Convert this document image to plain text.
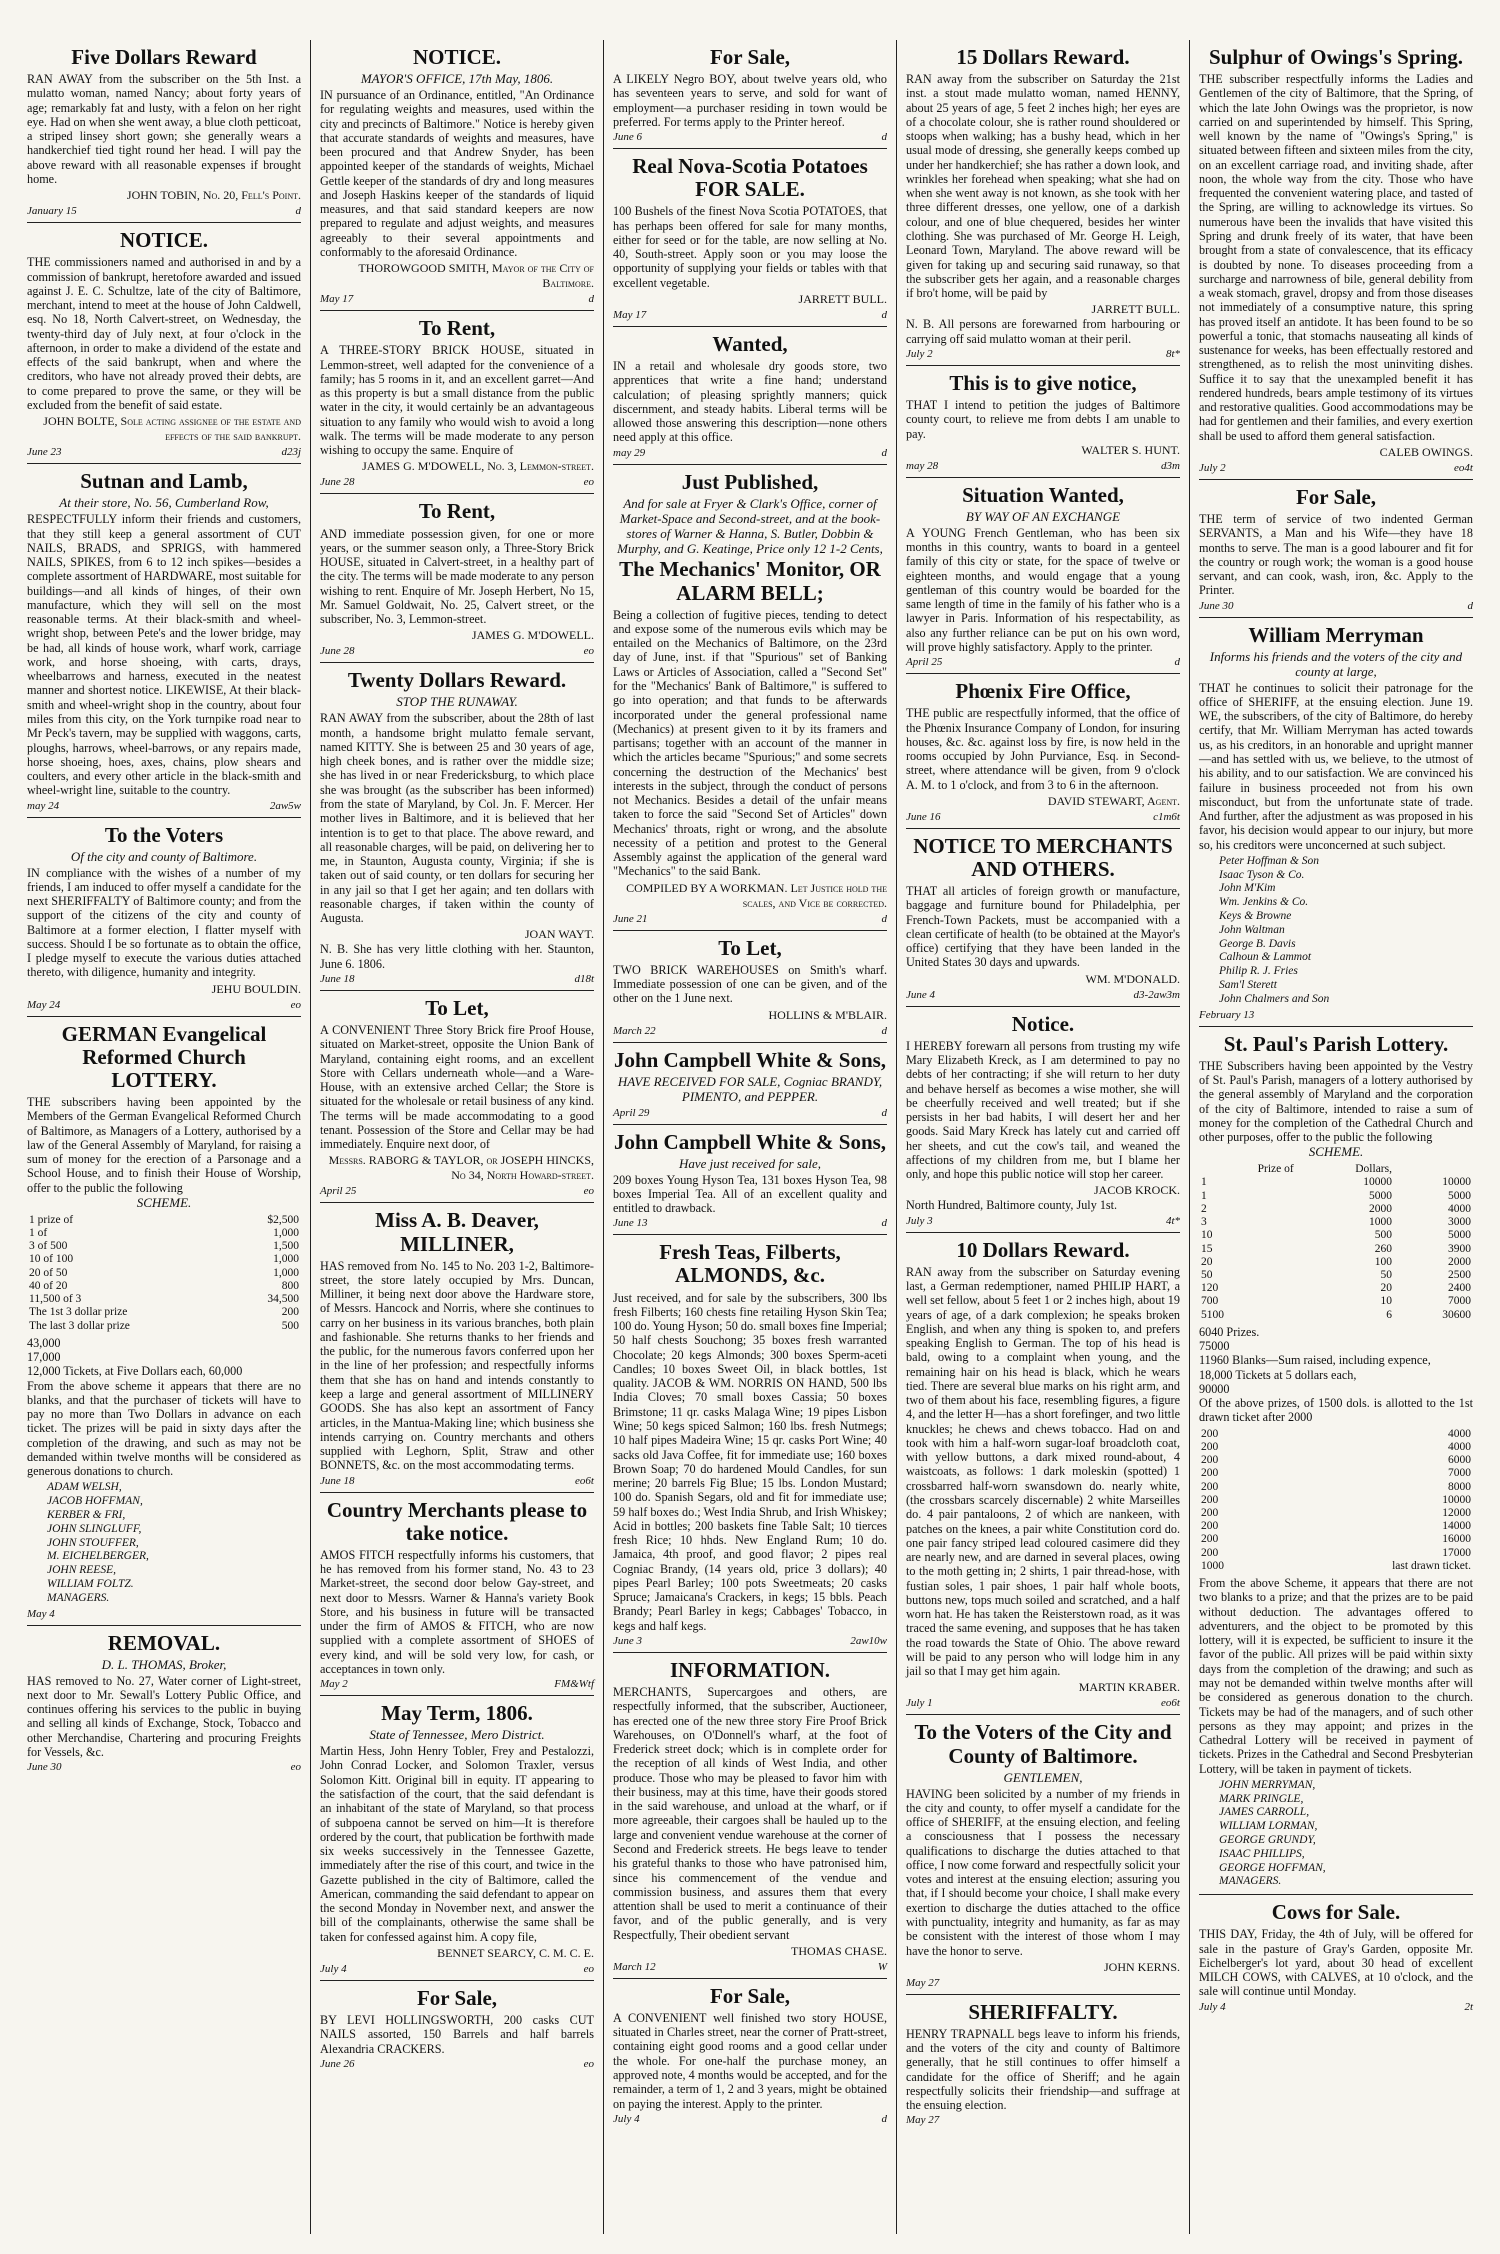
Five Dollars Reward

RAN AWAY from the subscriber on the 5th Inst. a mulatto woman, named Nancy; about forty years of age; remarkably fat and lusty, with a felon on her right eye. Had on when she went away, a blue cloth petticoat, a striped linsey short gown; she generally wears a handkerchief tied tight round her head. I will pay the above reward with all reasonable expenses if brought home.

JOHN TOBIN, No. 20, Fell's Point.

January 15	d
NOTICE.

THE commissioners named and authorised in and by a commission of bankrupt, heretofore awarded and issued against J. E. C. Schultze, late of the city of Baltimore, merchant, intend to meet at the house of John Caldwell, esq. No 18, North Calvert-street, on Wednesday, the twenty-third day of July next, at four o'clock in the afternoon, in order to make a dividend of the estate and effects of the said bankrupt, when and where the creditors, who have not already proved their debts, are to come prepared to prove the same, or they will be excluded from the benefit of said estate.

JOHN BOLTE, Sole acting assignee of the estate and effects of the said bankrupt.

June 23	d23j
Sutnan and Lamb,
At their store, No. 56, Cumberland Row,

RESPECTFULLY inform their friends and customers, that they still keep a general assortment of CUT NAILS, BRADS, and SPRIGS, with hammered NAILS, SPIKES, from 6 to 12 inch spikes—besides a complete assortment of HARDWARE, most suitable for buildings—and all kinds of hinges, of their own manufacture, which they will sell on the most reasonable terms. At their black-smith and wheel-wright shop, between Pete's and the lower bridge, may be had, all kinds of house work, wharf work, carriage work, and horse shoeing, with carts, drays, wheelbarrows and harness, executed in the neatest manner and shortest notice. LIKEWISE, At their black-smith and wheel-wright shop in the country, about four miles from this city, on the York turnpike road near to Mr Peck's tavern, may be supplied with waggons, carts, ploughs, harrows, wheel-barrows, or any repairs made, horse shoeing, hoes, axes, chains, plow shears and coulters, and every other article in the black-smith and wheel-wright line, suitable to the country.

may 24	2aw5w
To the Voters
Of the city and county of Baltimore.

IN compliance with the wishes of a number of my friends, I am induced to offer myself a candidate for the next SHERIFFALTY of Baltimore county; and from the support of the citizens of the city and county of Baltimore at a former election, I flatter myself with success. Should I be so fortunate as to obtain the office, I pledge myself to execute the various duties attached thereto, with diligence, humanity and integrity.

JEHU BOULDIN.

May 24	eo
GERMAN Evangelical Reformed Church LOTTERY.

THE subscribers having been appointed by the Members of the German Evangelical Reformed Church of Baltimore, as Managers of a Lottery, authorised by a law of the General Assembly of Maryland, for raising a sum of money for the erection of a Parsonage and a School House, and to finish their House of Worship, offer to the public the following

SCHEME.
1 prize of	$2,500
1 of	1,000
3 of 500	1,500
10 of 100	1,000
20 of 50	1,000
40 of 20	800
11,500 of 3	34,500
The 1st 3 dollar prize	200
The last 3 dollar prize	500

43,000

17,000

12,000 Tickets, at Five Dollars each, 60,000

From the above scheme it appears that there are no blanks, and that the purchaser of tickets will have to pay no more than Two Dollars in advance on each ticket. The prizes will be paid in sixty days after the completion of the drawing, and such as may not be demanded within twelve months will be considered as generous donations to church.

ADAM WELSH,
JACOB HOFFMAN,
KERBER & FRI,
JOHN SLINGLUFF,
JOHN STOUFFER,
M. EICHELBERGER,
JOHN REESE,
WILLIAM FOLTZ.
MANAGERS.
May 4
REMOVAL.
D. L. THOMAS, Broker,

HAS removed to No. 27, Water corner of Light-street, next door to Mr. Sewall's Lottery Public Office, and continues offering his services to the public in buying and selling all kinds of Exchange, Stock, Tobacco and other Merchandise, Chartering and procuring Freights for Vessels, &c.

June 30	eo
NOTICE.
MAYOR'S OFFICE, 17th May, 1806.

IN pursuance of an Ordinance, entitled, "An Ordinance for regulating weights and measures, used within the city and precincts of Baltimore." Notice is hereby given that accurate standards of weights and measures, have been procured and that Andrew Snyder, has been appointed keeper of the standards of weights, Michael Gettle keeper of the standards of dry and long measures and Joseph Haskins keeper of the standards of liquid measures, and that said standard keepers are now prepared to regulate and adjust weights, and measures agreeably to their several appointments and conformably to the aforesaid Ordinance.

THOROWGOOD SMITH, Mayor of the City of Baltimore.

May 17	d
To Rent,

A THREE-STORY BRICK HOUSE, situated in Lemmon-street, well adapted for the convenience of a family; has 5 rooms in it, and an excellent garret—And as this property is but a small distance from the public water in the city, it would certainly be an advantageous situation to any family who would wish to avoid a long walk. The terms will be made moderate to any person wishing to occupy the same. Enquire of

JAMES G. M'DOWELL, No. 3, Lemmon-street.

June 28	eo
To Rent,

AND immediate possession given, for one or more years, or the summer season only, a Three-Story Brick HOUSE, situated in Calvert-street, in a healthy part of the city. The terms will be made moderate to any person wishing to rent. Enquire of Mr. Joseph Herbert, No 15, Mr. Samuel Goldwait, No. 25, Calvert street, or the subscriber, No. 3, Lemmon-street.

JAMES G. M'DOWELL.

June 28	eo
Twenty Dollars Reward.
STOP THE RUNAWAY.

RAN AWAY from the subscriber, about the 28th of last month, a handsome bright mulatto female servant, named KITTY. She is between 25 and 30 years of age, high cheek bones, and is rather over the middle size; she has lived in or near Fredericksburg, to which place she was brought (as the subscriber has been informed) from the state of Maryland, by Col. Jn. F. Mercer. Her mother lives in Baltimore, and it is believed that her intention is to get to that place. The above reward, and all reasonable charges, will be paid, on delivering her to me, in Staunton, Augusta county, Virginia; if she is taken out of said county, or ten dollars for securing her in any jail so that I get her again; and ten dollars with reasonable charges, if taken within the county of Augusta.

JOAN WAYT.

N. B. She has very little clothing with her. Staunton, June 6. 1806.

June 18	d18t
To Let,

A CONVENIENT Three Story Brick fire Proof House, situated on Market-street, opposite the Union Bank of Maryland, containing eight rooms, and an excellent Store with Cellars underneath whole—and a Ware-House, with an extensive arched Cellar; the Store is situated for the wholesale or retail business of any kind. The terms will be made accommodating to a good tenant. Possession of the Store and Cellar may be had immediately. Enquire next door, of

Messrs. RABORG & TAYLOR, or JOSEPH HINCKS, No 34, North Howard-street.

April 25	eo
Miss A. B. Deaver, MILLINER,

HAS removed from No. 145 to No. 203 1-2, Baltimore-street, the store lately occupied by Mrs. Duncan, Milliner, it being next door above the Hardware store, of Messrs. Hancock and Norris, where she continues to carry on her business in its various branches, both plain and fashionable. She returns thanks to her friends and the public, for the numerous favors conferred upon her in the line of her profession; and respectfully informs them that she has on hand and intends constantly to keep a large and general assortment of MILLINERY GOODS. She has also kept an assortment of Fancy articles, in the Mantua-Making line; which business she intends carrying on. Country merchants and others supplied with Leghorn, Split, Straw and other BONNETS, &c. on the most accommodating terms.

June 18	eo6t
Country Merchants please to take notice.

AMOS FITCH respectfully informs his customers, that he has removed from his former stand, No. 43 to 23 Market-street, the second door below Gay-street, and next door to Messrs. Warner & Hanna's variety Book Store, and his business in future will be transacted under the firm of AMOS & FITCH, who are now supplied with a complete assortment of SHOES of every kind, and will be sold very low, for cash, or acceptances in town only.

May 2	FM&Wtf
May Term, 1806.
State of Tennessee, Mero District.

Martin Hess, John Henry Tobler, Frey and Pestalozzi, John Conrad Locker, and Solomon Traxler, versus Solomon Kitt. Original bill in equity. IT appearing to the satisfaction of the court, that the said defendant is an inhabitant of the state of Maryland, so that process of subpoena cannot be served on him—It is therefore ordered by the court, that publication be forthwith made six weeks successively in the Tennessee Gazette, immediately after the rise of this court, and twice in the Gazette published in the city of Baltimore, called the American, commanding the said defendant to appear on the second Monday in November next, and answer the bill of the complainants, otherwise the same shall be taken for confessed against him. A copy file,

BENNET SEARCY, C. M. C. E.

July 4	eo
For Sale,

BY LEVI HOLLINGSWORTH, 200 casks CUT NAILS assorted, 150 Barrels and half barrels Alexandria CRACKERS.

June 26	eo
For Sale,

A LIKELY Negro BOY, about twelve years old, who has seventeen years to serve, and sold for want of employment—a purchaser residing in town would be preferred. For terms apply to the Printer hereof.

June 6	d
Real Nova-Scotia Potatoes FOR SALE.

100 Bushels of the finest Nova Scotia POTATOES, that has perhaps been offered for sale for many months, either for seed or for the table, are now selling at No. 40, South-street. Apply soon or you may loose the opportunity of supplying your fields or tables with that excellent vegetable.

JARRETT BULL.

May 17	d
Wanted,

IN a retail and wholesale dry goods store, two apprentices that write a fine hand; understand calculation; of pleasing sprightly manners; quick discernment, and steady habits. Liberal terms will be allowed those answering this description—none others need apply at this office.

may 29	d
Just Published,
And for sale at Fryer & Clark's Office, corner of Market-Space and Second-street, and at the book-stores of Warner & Hanna, S. Butler, Dobbin & Murphy, and G. Keatinge, Price only 12 1-2 Cents,
The Mechanics' Monitor, OR ALARM BELL;

Being a collection of fugitive pieces, tending to detect and expose some of the numerous evils which may be entailed on the Mechanics of Baltimore, on the 23rd day of June, inst. if that "Spurious" set of Banking Laws or Articles of Association, called a "Second Set" for the "Mechanics' Bank of Baltimore," is suffered to go into operation; and that funds to be afterwards incorporated under the general professional name (Mechanics) at present given to it by its framers and partisans; together with an account of the manner in which the articles became "Spurious;" and some secrets concerning the destruction of the Mechanics' best interests in the subject, through the conduct of persons not Mechanics. Besides a detail of the unfair means taken to force the said "Second Set of Articles" down Mechanics' throats, right or wrong, and the absolute necessity of a petition and protest to the General Assembly against the application of the general ward "Mechanics" to the said Bank.

COMPILED BY A WORKMAN. Let Justice hold the scales, and Vice be corrected.

June 21	d
To Let,

TWO BRICK WAREHOUSES on Smith's wharf. Immediate possession of one can be given, and of the other on the 1 June next.

HOLLINS & M'BLAIR.

March 22	d
John Campbell White & Sons,
HAVE RECEIVED FOR SALE, Cogniac BRANDY, PIMENTO, and PEPPER.
April 29	d
John Campbell White & Sons,
Have just received for sale,

209 boxes Young Hyson Tea, 131 boxes Hyson Tea, 98 boxes Imperial Tea. All of an excellent quality and entitled to drawback.

June 13	d
Fresh Teas, Filberts, ALMONDS, &c.

Just received, and for sale by the subscribers, 300 lbs fresh Filberts; 160 chests fine retailing Hyson Skin Tea; 100 do. Young Hyson; 50 do. small boxes fine Imperial; 50 half chests Souchong; 35 boxes fresh warranted Chocolate; 20 kegs Almonds; 300 boxes Sperm-aceti Candles; 10 boxes Sweet Oil, in black bottles, 1st quality. JACOB & WM. NORRIS ON HAND, 500 lbs India Cloves; 70 small boxes Cassia; 50 boxes Brimstone; 11 qr. casks Malaga Wine; 19 pipes Lisbon Wine; 50 kegs spiced Salmon; 160 lbs. fresh Nutmegs; 10 half pipes Madeira Wine; 15 qr. casks Port Wine; 40 sacks old Java Coffee, fit for immediate use; 160 boxes Brown Soap; 70 do hardened Mould Candles, for sun merine; 20 barrels Fig Blue; 15 lbs. London Mustard; 100 do. Spanish Segars, old and fit for immediate use; 59 half boxes do.; West India Shrub, and Irish Whiskey; Acid in bottles; 200 baskets fine Table Salt; 10 tierces fresh Rice; 10 hhds. New England Rum; 10 do. Jamaica, 4th proof, and good flavor; 2 pipes real Cogniac Brandy, (14 years old, price 3 dollars); 40 pipes Pearl Barley; 100 pots Sweetmeats; 20 casks Spruce; Jamaicana's Crackers, in kegs; 15 bbls. Peach Brandy; Pearl Barley in kegs; Cabbages' Tobacco, in kegs and half kegs.

June 3	2aw10w
INFORMATION.

MERCHANTS, Supercargoes and others, are respectfully informed, that the subscriber, Auctioneer, has erected one of the new three story Fire Proof Brick Warehouses, on O'Donnell's wharf, at the foot of Frederick street dock; which is in complete order for the reception of all kinds of West India, and other produce. Those who may be pleased to favor him with their business, may at this time, have their goods stored in the said warehouse, and unload at the wharf, or if more agreeable, their cargoes shall be hauled up to the large and convenient vendue warehouse at the corner of Second and Frederick streets. He begs leave to tender his grateful thanks to those who have patronised him, since his commencement of the vendue and commission business, and assures them that every attention shall be used to merit a continuance of their favor, and of the public generally, and is very Respectfully, Their obedient servant

THOMAS CHASE.

March 12	W
For Sale,

A CONVENIENT well finished two story HOUSE, situated in Charles street, near the corner of Pratt-street, containing eight good rooms and a good cellar under the whole. For one-half the purchase money, an approved note, 4 months would be accepted, and for the remainder, a term of 1, 2 and 3 years, might be obtained on paying the interest. Apply to the printer.

July 4	d
15 Dollars Reward.

RAN away from the subscriber on Saturday the 21st inst. a stout made mulatto woman, named HENNY, about 25 years of age, 5 feet 2 inches high; her eyes are of a chocolate colour, she is rather round shouldered or stoops when walking; has a bushy head, which in her usual mode of dressing, she generally keeps combed up under her handkerchief; she has rather a down look, and wrinkles her forehead when speaking; what she had on when she went away is not known, as she took with her three different dresses, one yellow, one of a darkish colour, and one of blue chequered, besides her winter clothing. She was purchased of Mr. George H. Leigh, Leonard Town, Maryland. The above reward will be given for taking up and securing said runaway, so that the subscriber gets her again, and a reasonable charges if bro't home, will be paid by

JARRETT BULL.

N. B. All persons are forewarned from harbouring or carrying off said mulatto woman at their peril.

July 2	8t*
This is to give notice,

THAT I intend to petition the judges of Baltimore county court, to relieve me from debts I am unable to pay.

WALTER S. HUNT.

may 28	d3m
Situation Wanted,
BY WAY OF AN EXCHANGE

A YOUNG French Gentleman, who has been six months in this country, wants to board in a genteel family of this city or state, for the space of twelve or eighteen months, and would engage that a young gentleman of this country would be boarded for the same length of time in the family of his father who is a lawyer in Paris. Information of his respectability, as also any further reliance can be put on his own word, will prove highly satisfactory. Apply to the printer.

April 25	d
Phœnix Fire Office,

THE public are respectfully informed, that the office of the Phœnix Insurance Company of London, for insuring houses, &c. &c. against loss by fire, is now held in the rooms occupied by John Purviance, Esq. in Second-street, where attendance will be given, from 9 o'clock A. M. to 1 o'clock, and from 3 to 6 in the afternoon.

DAVID STEWART, Agent.

June 16	c1m6t
NOTICE TO MERCHANTS AND OTHERS.

THAT all articles of foreign growth or manufacture, baggage and furniture bound for Philadelphia, per French-Town Packets, must be accompanied with a clean certificate of health (to be obtained at the Mayor's office) certifying that they have been landed in the United States 30 days and upwards.

WM. M'DONALD.

June 4	d3-2aw3m
Notice.

I HEREBY forewarn all persons from trusting my wife Mary Elizabeth Kreck, as I am determined to pay no debts of her contracting; if she will return to her duty and behave herself as becomes a wise mother, she will be cheerfully received and well treated; but if she persists in her bad habits, I will desert her and her goods. Said Mary Kreck has lately cut and carried off her sheets, and cut the cow's tail, and weaned the affections of my children from me, but I blame her only, and hope this public notice will stop her career.

JACOB KROCK.

North Hundred, Baltimore county, July 1st.

July 3	4t*
10 Dollars Reward.

RAN away from the subscriber on Saturday evening last, a German redemptioner, named PHILIP HART, a well set fellow, about 5 feet 1 or 2 inches high, about 19 years of age, of a dark complexion; he speaks broken English, and when any thing is spoken to, and prefers speaking English to German. The top of his head is bald, owing to a complaint when young, and the remaining hair on his head is black, which he wears tied. There are several blue marks on his right arm, and two of them about his face, resembling figures, a figure 4, and the letter H—has a short forefinger, and two little knuckles; he chews and chews tobacco. Had on and took with him a half-worn sugar-loaf broadcloth coat, with yellow buttons, a dark mixed round-about, 4 waistcoats, as follows: 1 dark moleskin (spotted) 1 crossbarred half-worn swansdown do. nearly white, (the crossbars scarcely discernable) 2 white Marseilles do. 4 pair pantaloons, 2 of which are nankeen, with patches on the knees, a pair white Constitution cord do. one pair fancy striped lead coloured casimere did they are nearly new, and are darned in several places, owing to the moth getting in; 2 shirts, 1 pair thread-hose, with fustian soles, 1 pair shoes, 1 pair half whole boots, buttons new, tops much soiled and scratched, and a half worn hat. He has taken the Reisterstown road, as it was traced the same evening, and supposes that he has taken the road towards the State of Ohio. The above reward will be paid to any person who will lodge him in any jail so that I may get him again.

MARTIN KRABER.

July 1	eo6t
To the Voters of the City and County of Baltimore.
GENTLEMEN,

HAVING been solicited by a number of my friends in the city and county, to offer myself a candidate for the office of SHERIFF, at the ensuing election, and feeling a consciousness that I possess the necessary qualifications to discharge the duties attached to that office, I now come forward and respectfully solicit your votes and interest at the ensuing election; assuring you that, if I should become your choice, I shall make every exertion to discharge the duties attached to the office with punctuality, integrity and humanity, as far as may be consistent with the interest of those whom I may have the honor to serve.

JOHN KERNS.

May 27
SHERIFFALTY.

HENRY TRAPNALL begs leave to inform his friends, and the voters of the city and county of Baltimore generally, that he still continues to offer himself a candidate for the office of Sheriff; and he again respectfully solicits their friendship—and suffrage at the ensuing election.

May 27
Sulphur of Owings's Spring.

THE subscriber respectfully informs the Ladies and Gentlemen of the city of Baltimore, that the Spring, of which the late John Owings was the proprietor, is now carried on and superintended by himself. This Spring, well known by the name of "Owings's Spring," is situated between fifteen and sixteen miles from the city, on an excellent carriage road, and inviting shade, after noon, the whole way from the city. Those who have frequented the convenient watering place, and tasted of the Spring, are willing to acknowledge its virtues. So numerous have been the invalids that have visited this Spring and drunk freely of its water, that have been brought from a state of convalescence, that its efficacy is doubted by none. To diseases proceeding from a surcharge and narrowness of bile, general debility from a weak stomach, gravel, dropsy and from those diseases not immediately of a consumptive nature, this spring has proved itself an antidote. It has been found to be so powerful a tonic, that stomachs nauseating all kinds of sustenance for weeks, has been effectually restored and strengthened, as to relish the most uninviting dishes. Suffice it to say that the unexampled benefit it has rendered hundreds, bears ample testimony of its virtues and restorative qualities. Good accommodations may be had for gentlemen and their families, and every exertion shall be used to afford them general satisfaction.

CALEB OWINGS.

July 2	eo4t
For Sale,

THE term of service of two indented German SERVANTS, a Man and his Wife—they have 18 months to serve. The man is a good labourer and fit for the country or rough work; the woman is a good house servant, and can cook, wash, iron, &c. Apply to the Printer.

June 30	d
William Merryman
Informs his friends and the voters of the city and county at large,

THAT he continues to solicit their patronage for the office of SHERIFF, at the ensuing election. June 19. WE, the subscribers, of the city of Baltimore, do hereby certify, that Mr. William Merryman has acted towards us, as his creditors, in an honorable and upright manner—and has settled with us, we believe, to the utmost of his ability, and to our satisfaction. We are convinced his failure in business proceeded not from his own misconduct, but from the unfortunate state of trade. And further, after the adjustment as was proposed in his favor, his decision would appear to our injury, but more so, his creditors were unconcerned at such subject.

Peter Hoffman & Son
Isaac Tyson & Co.
John M'Kim
Wm. Jenkins & Co.
Keys & Browne
John Waltman
George B. Davis
Calhoun & Lammot
Philip R. J. Fries
Sam'l Sterett
John Chalmers and Son
February 13
St. Paul's Parish Lottery.

THE Subscribers having been appointed by the Vestry of St. Paul's Parish, managers of a lottery authorised by the general assembly of Maryland and the corporation of the city of Baltimore, intended to raise a sum of money for the completion of the Cathedral Church and other purposes, offer to the public the following

SCHEME.
Prize of	Dollars,	
1	10000	10000
1	5000	5000
2	2000	4000
3	1000	3000
10	500	5000
15	260	3900
20	100	2000
50	50	2500
120	20	2400
700	10	7000
5100	6	30600

6040 Prizes.

75000

11960 Blanks—Sum raised, including expence,

18,000 Tickets at 5 dollars each,

90000

Of the above prizes, of 1500 dols. is allotted to the 1st drawn ticket after 2000

200		4000
200		4000
200		6000
200		7000
200		8000
200		10000
200		12000
200		14000
200		16000
200		17000
1000		last drawn ticket.

From the above Scheme, it appears that there are not two blanks to a prize; and that the prizes are to be paid without deduction. The advantages offered to adventurers, and the object to be promoted by this lottery, will it is expected, be sufficient to insure it the favor of the public. All prizes will be paid within sixty days from the completion of the drawing; and such as may not be demanded within twelve months after will be considered as generous donation to the church. Tickets may be had of the managers, and of such other persons as they may appoint; and prizes in the Cathedral Lottery will be received in payment of tickets. Prizes in the Cathedral and Second Presbyterian Lottery, will be taken in payment of tickets.

JOHN MERRYMAN,
MARK PRINGLE,
JAMES CARROLL,
WILLIAM LORMAN,
GEORGE GRUNDY,
ISAAC PHILLIPS,
GEORGE HOFFMAN,
MANAGERS.
Cows for Sale.

THIS DAY, Friday, the 4th of July, will be offered for sale in the pasture of Gray's Garden, opposite Mr. Eichelberger's lot yard, about 30 head of excellent MILCH COWS, with CALVES, at 10 o'clock, and the sale will continue until Monday.

July 4	2t
